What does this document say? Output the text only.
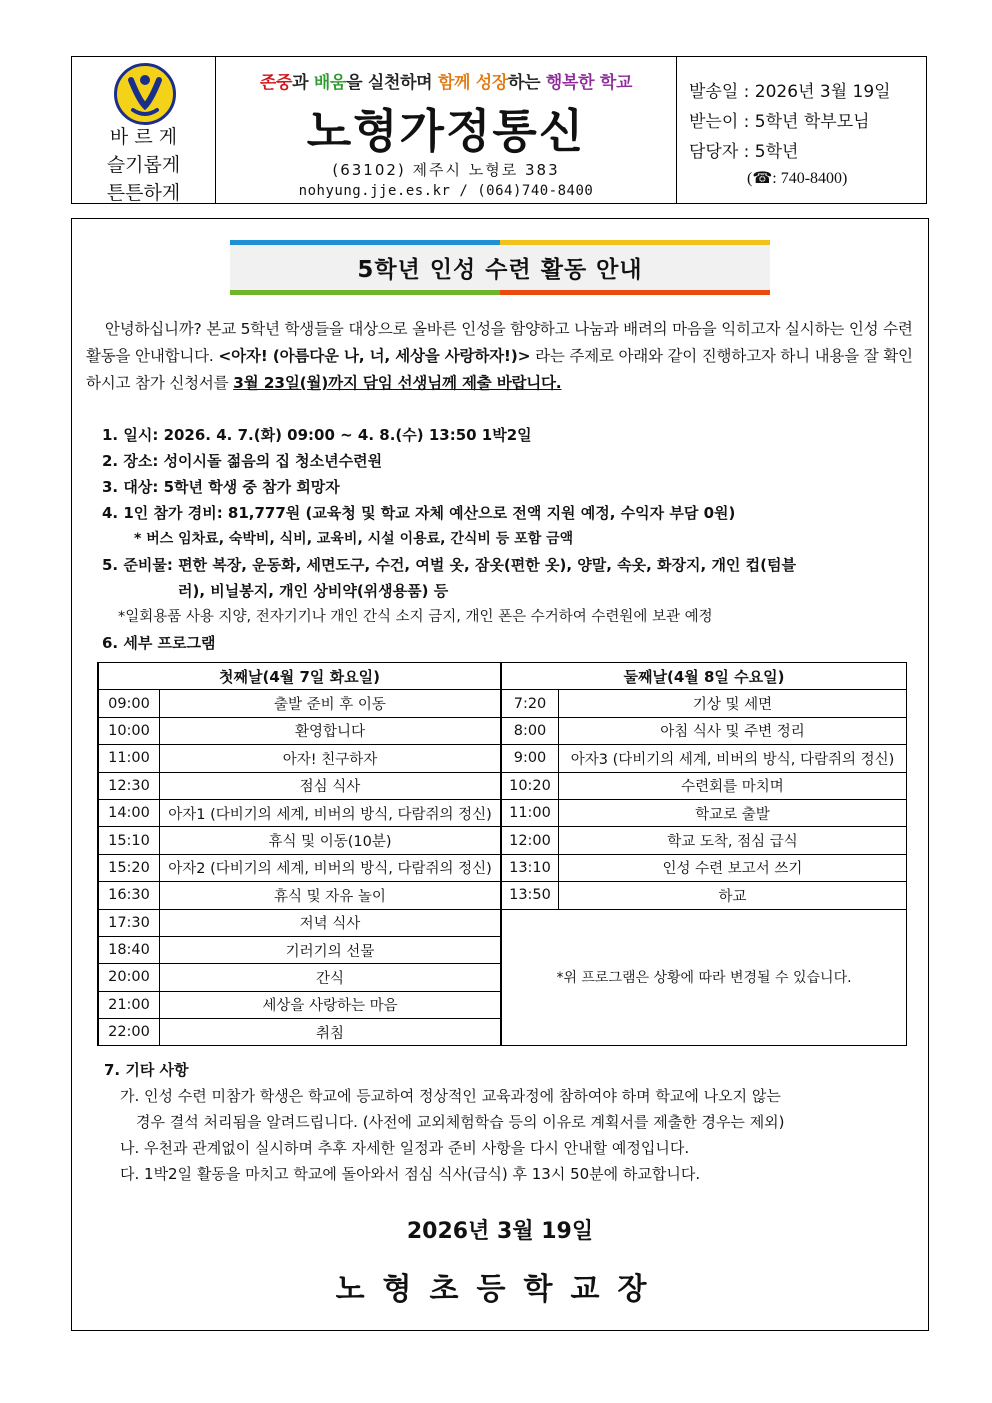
바 르 게
슬기롭게
튼튼하게
존중과 배움을 실천하며 함께 성장하는 행복한 학교
노형가정통신
(63102) 제주시 노형로 383
nohyung.jje.es.kr / (064)740-8400
발송일 : 2026년 3월 19일
받는이 : 5학년 학부모님
담당자 : 5학년
(☎: 740-8400)
5학년 인성 수련 활동 안내
안녕하십니까? 본교 5학년 학생들을 대상으로 올바른 인성을 함양하고 나눔과 배려의 마음을 익히고자 실시하는 인성 수련 활동을 안내합니다. <아자! (아름다운 나, 너, 세상을 사랑하자!)> 라는 주제로 아래와 같이 진행하고자 하니 내용을 잘 확인하시고 참가 신청서를 3월 23일(월)까지 담임 선생님께 제출 바랍니다.
1. 일시: 2026. 4. 7.(화) 09:00 ~ 4. 8.(수) 13:50 1박2일
2. 장소: 성이시돌 젊음의 집 청소년수련원
3. 대상: 5학년 학생 중 참가 희망자
4. 1인 참가 경비: 81,777원 (교육청 및 학교 자체 예산으로 전액 지원 예정, 수익자 부담 0원)
* 버스 임차료, 숙박비, 식비, 교육비, 시설 이용료, 간식비 등 포함 금액
5. 준비물: 편한 복장, 운동화, 세면도구, 수건, 여벌 옷, 잠옷(편한 옷), 양말, 속옷, 화장지, 개인 컵(텀블
러), 비닐봉지, 개인 상비약(위생용품) 등
*일회용품 사용 지양, 전자기기나 개인 간식 소지 금지, 개인 폰은 수거하여 수련원에 보관 예정
6. 세부 프로그램
첫째날(4월 7일 화요일)		둘째날(4월 8일 수요일)	
09:00	출발 준비 후 이동	7:20	기상 및 세면
10:00	환영합니다	8:00	아침 식사 및 주변 정리
11:00	아자! 친구하자	9:00	아자3 (다비기의 세계, 비버의 방식, 다람쥐의 정신)
12:30	점심 식사	10:20	수련회를 마치며
14:00	아자1 (다비기의 세계, 비버의 방식, 다람쥐의 정신)	11:00	학교로 출발
15:10	휴식 및 이동(10분)	12:00	학교 도착, 점심 급식
15:20	아자2 (다비기의 세계, 비버의 방식, 다람쥐의 정신)	13:10	인성 수련 보고서 쓰기
16:30	휴식 및 자유 놀이	13:50	하교
17:30	저녁 식사	*위 프로그램은 상황에 따라 변경될 수 있습니다.	
18:40	기러기의 선물		
20:00	간식		
21:00	세상을 사랑하는 마음		
22:00	취침		
7. 기타 사항
가. 인성 수련 미참가 학생은 학교에 등교하여 정상적인 교육과정에 참하여야 하며 학교에 나오지 않는
경우 결석 처리됨을 알려드립니다. (사전에 교외체험학습 등의 이유로 계획서를 제출한 경우는 제외)
나. 우천과 관계없이 실시하며 추후 자세한 일정과 준비 사항을 다시 안내할 예정입니다.
다. 1박2일 활동을 마치고 학교에 돌아와서 점심 식사(급식) 후 13시 50분에 하교합니다.
2026년 3월 19일
노형초등학교장
